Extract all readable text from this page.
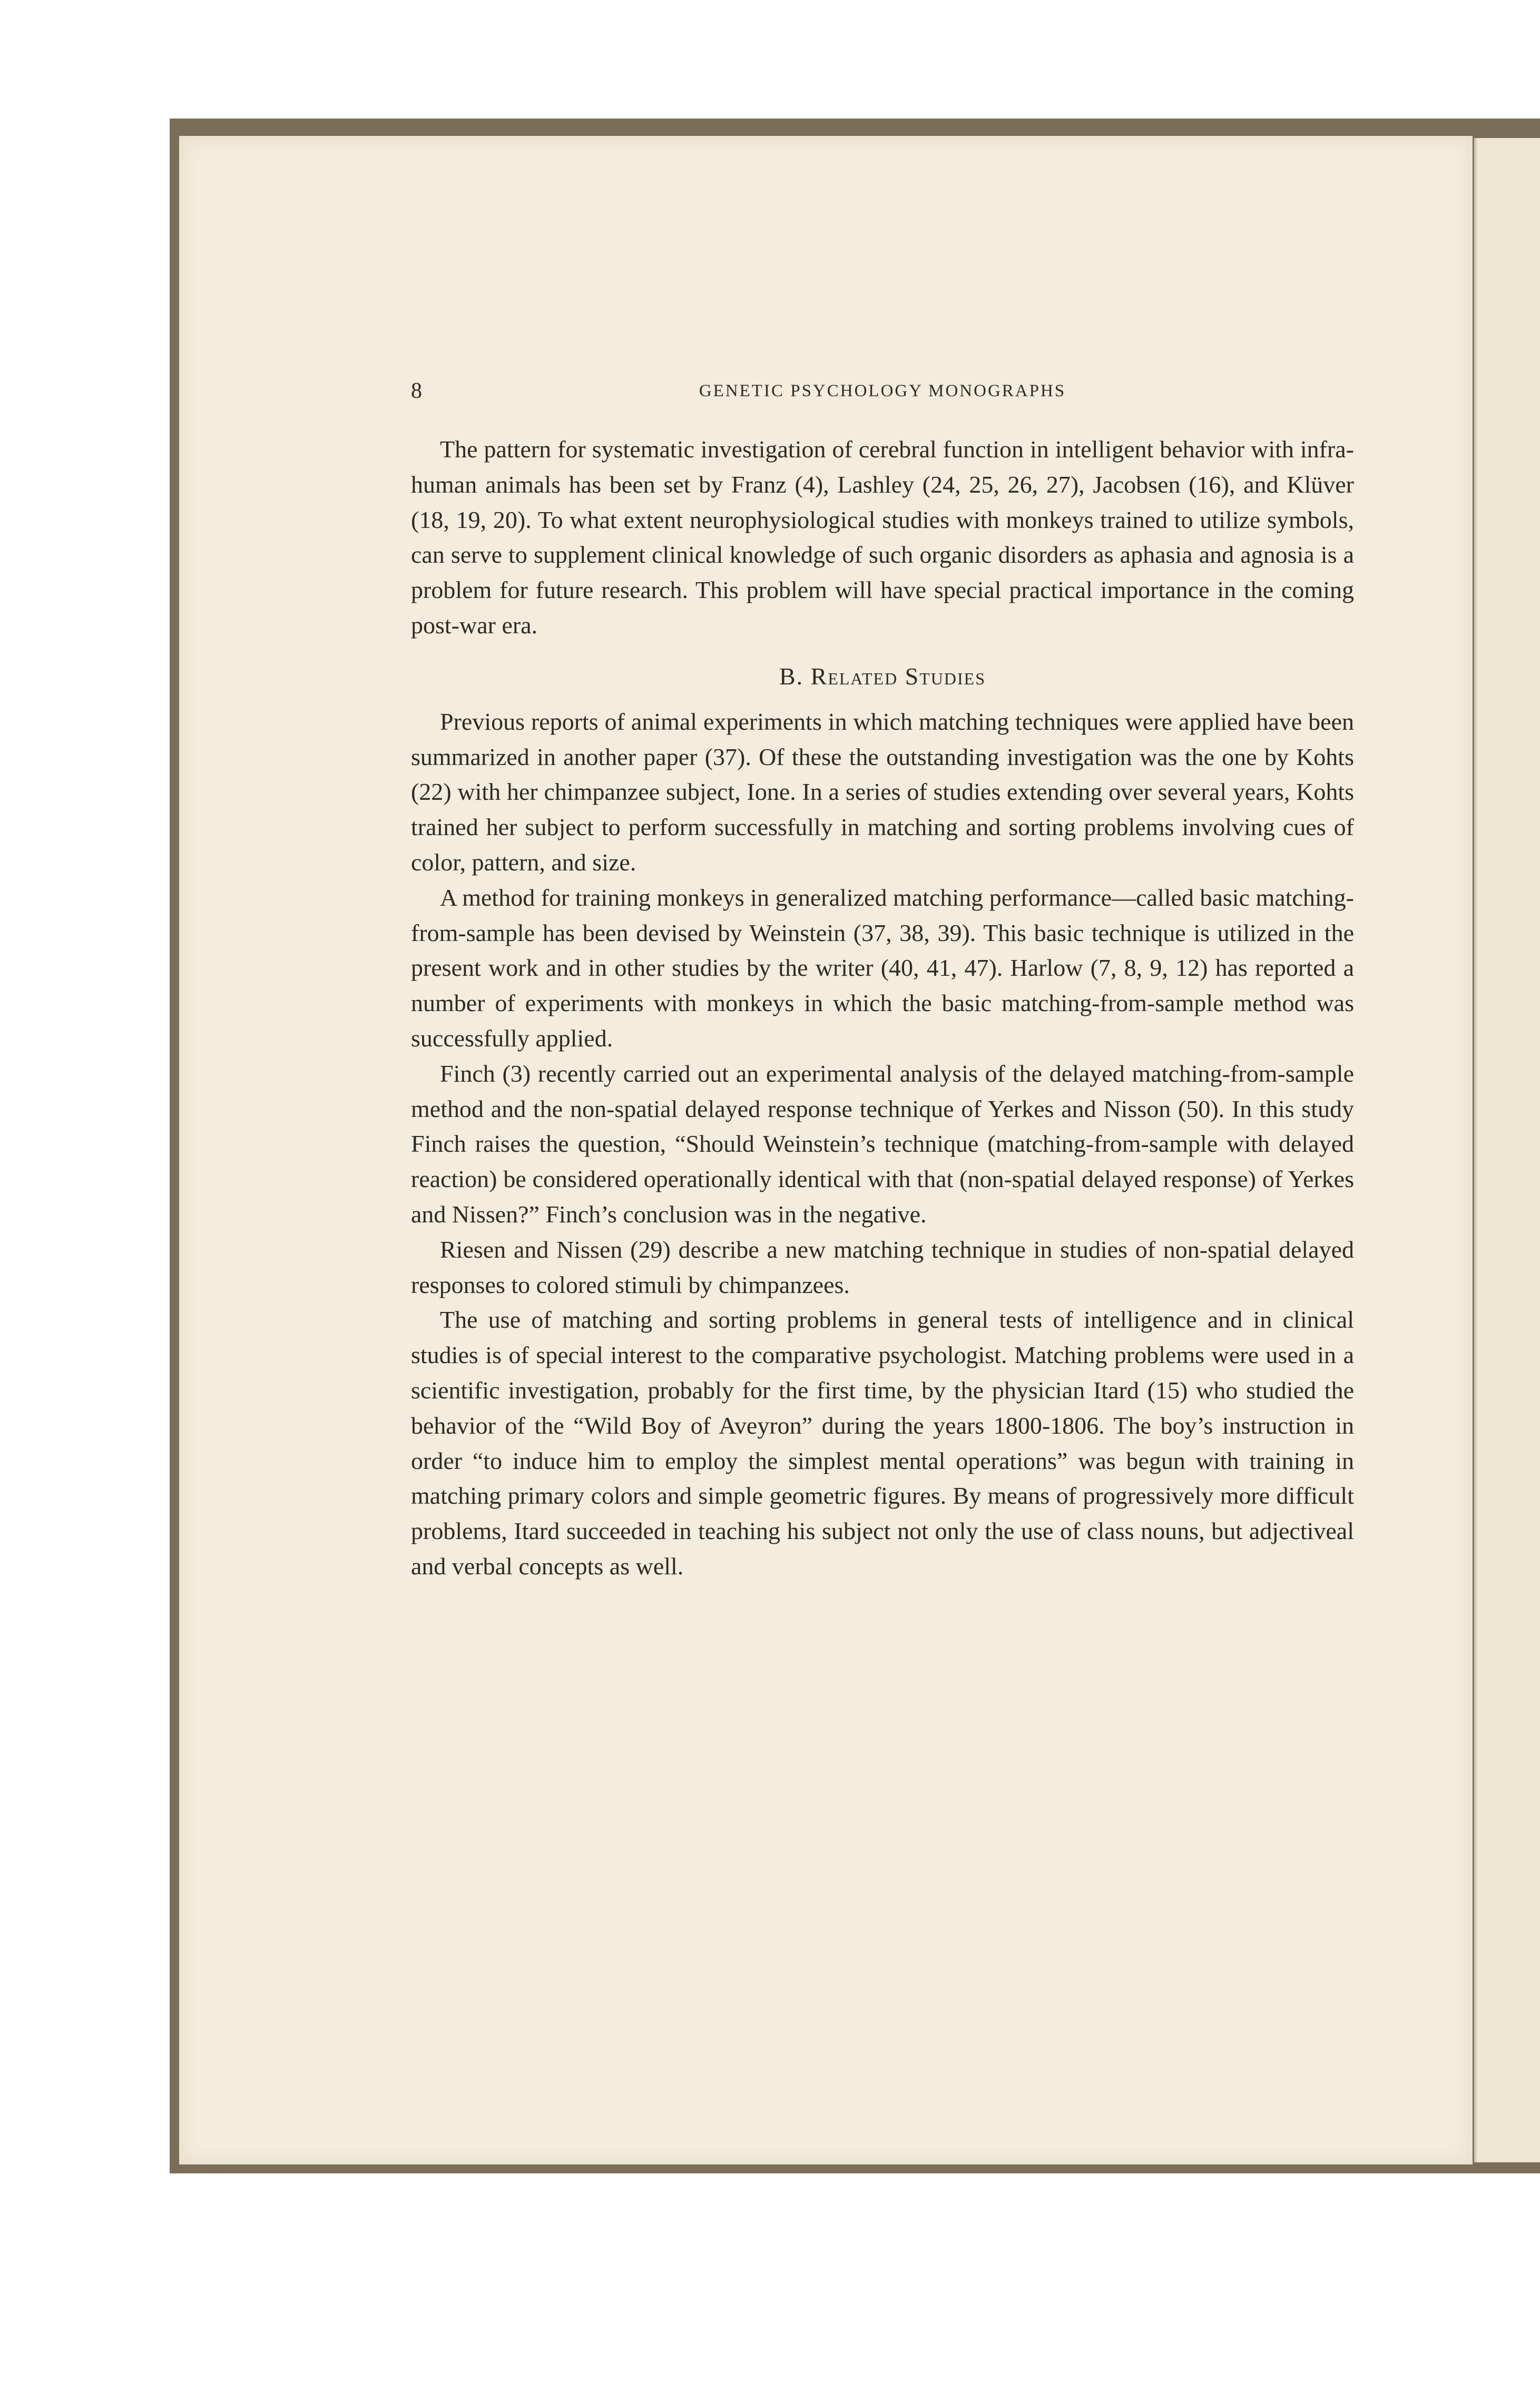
8	GENETIC PSYCHOLOGY MONOGRAPHS

The pattern for systematic investigation of cerebral function in intelligent behavior with infra-human animals has been set by Franz (4), Lashley (24, 25, 26, 27), Jacobsen (16), and Klüver (18, 19, 20). To what extent neurophysiological studies with monkeys trained to utilize symbols, can serve to supplement clinical knowledge of such organic disorders as aphasia and agnosia is a problem for future research. This problem will have special practical importance in the coming post-war era.

B. Related Studies

Previous reports of animal experiments in which matching techniques were applied have been summarized in another paper (37). Of these the outstanding investigation was the one by Kohts (22) with her chimpanzee subject, Ione. In a series of studies extending over several years, Kohts trained her subject to perform successfully in matching and sorting problems involving cues of color, pattern, and size.

A method for training monkeys in generalized matching performance—called basic matching-from-sample has been devised by Weinstein (37, 38, 39). This basic technique is utilized in the present work and in other studies by the writer (40, 41, 47). Harlow (7, 8, 9, 12) has reported a number of experiments with monkeys in which the basic matching-from-sample method was successfully applied.

Finch (3) recently carried out an experimental analysis of the delayed matching-from-sample method and the non-spatial delayed response technique of Yerkes and Nisson (50). In this study Finch raises the question, “Should Weinstein’s technique (matching-from-sample with delayed reaction) be considered operationally identical with that (non-spatial delayed response) of Yerkes and Nissen?” Finch’s conclusion was in the negative.

Riesen and Nissen (29) describe a new matching technique in studies of non-spatial delayed responses to colored stimuli by chimpanzees.

The use of matching and sorting problems in general tests of intelligence and in clinical studies is of special interest to the comparative psychologist. Matching problems were used in a scientific investigation, probably for the first time, by the physician Itard (15) who studied the behavior of the “Wild Boy of Aveyron” during the years 1800-1806. The boy’s instruction in order “to induce him to employ the simplest mental operations” was begun with training in matching primary colors and simple geometric figures. By means of progressively more difficult problems, Itard succeeded in teaching his subject not only the use of class nouns, but adjectiveal and verbal concepts as well.
